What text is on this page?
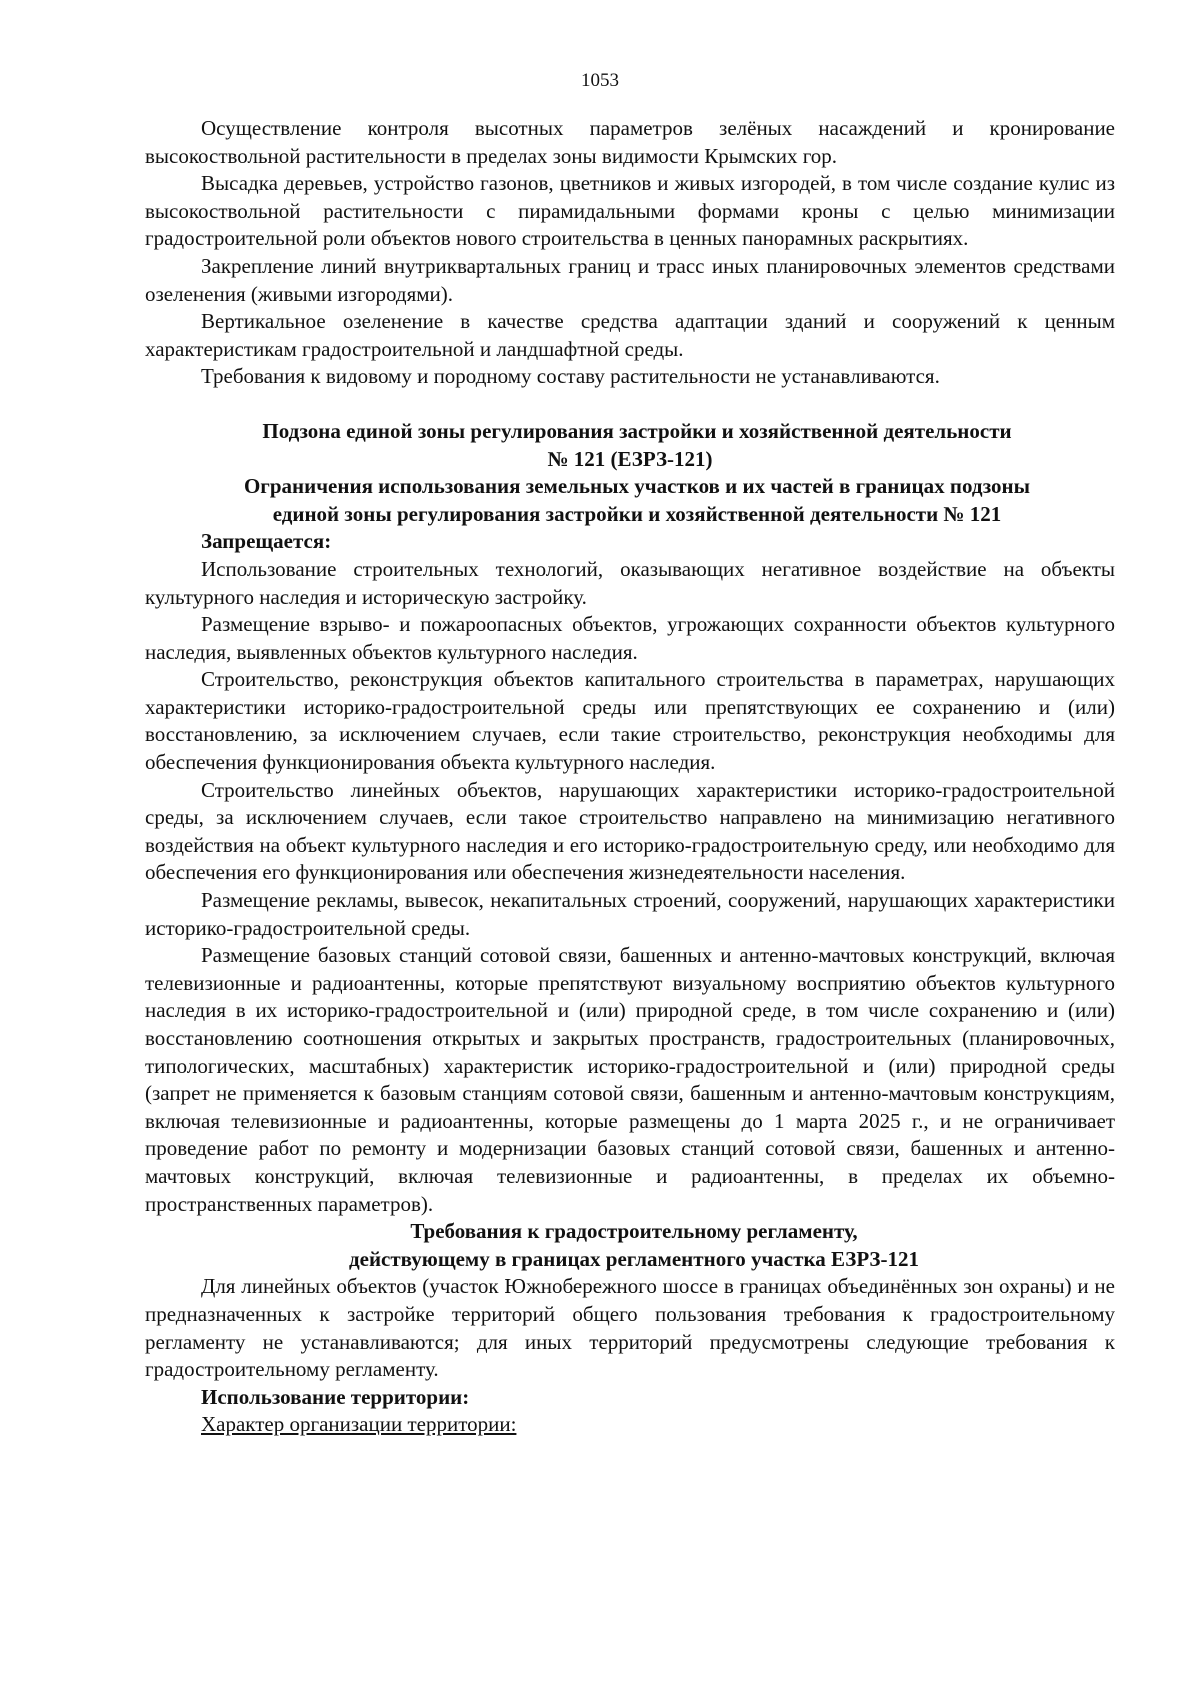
1053

Осуществление контроля высотных параметров зелёных насаждений и кронирование высокоствольной растительности в пределах зоны видимости Крымских гор.

Высадка деревьев, устройство газонов, цветников и живых изгородей, в том числе создание кулис из высокоствольной растительности с пирамидальными формами кроны с целью минимизации градостроительной роли объектов нового строительства в ценных панорамных раскрытиях.

Закрепление линий внутриквартальных границ и трасс иных планировочных элементов средствами озеленения (живыми изгородями).

Вертикальное озеленение в качестве средства адаптации зданий и сооружений к ценным характеристикам градостроительной и ландшафтной среды.

Требования к видовому и породному составу растительности не устанавливаются.

Подзона единой зоны регулирования застройки и хозяйственной деятельности
№ 121 (ЕЗРЗ-121)
Ограничения использования земельных участков и их частей в границах подзоны
единой зоны регулирования застройки и хозяйственной деятельности № 121
Запрещается:

Использование строительных технологий, оказывающих негативное воздействие на объекты культурного наследия и историческую застройку.

Размещение взрыво- и пожароопасных объектов, угрожающих сохранности объектов культурного наследия, выявленных объектов культурного наследия.

Строительство, реконструкция объектов капитального строительства в параметрах, нарушающих характеристики историко-градостроительной среды или препятствующих ее сохранению и (или) восстановлению, за исключением случаев, если такие строительство, реконструкция необходимы для обеспечения функционирования объекта культурного наследия.

Строительство линейных объектов, нарушающих характеристики историко-градостроительной среды, за исключением случаев, если такое строительство направлено на минимизацию негативного воздействия на объект культурного наследия и его историко-градостроительную среду, или необходимо для обеспечения его функционирования или обеспечения жизнедеятельности населения.

Размещение рекламы, вывесок, некапитальных строений, сооружений, нарушающих характеристики историко-градостроительной среды.

Размещение базовых станций сотовой связи, башенных и антенно-мачтовых конструкций, включая телевизионные и радиоантенны, которые препятствуют визуальному восприятию объектов культурного наследия в их историко-градостроительной и (или) природной среде, в том числе сохранению и (или) восстановлению соотношения открытых и закрытых пространств, градостроительных (планировочных, типологических, масштабных) характеристик историко-градостроительной и (или) природной среды (запрет не применяется к базовым станциям сотовой связи, башенным и антенно-мачтовым конструкциям, включая телевизионные и радиоантенны, которые размещены до 1 марта 2025 г., и не ограничивает проведение работ по ремонту и модернизации базовых станций сотовой связи, башенных и антенно-мачтовых конструкций, включая телевизионные и радиоантенны, в пределах их объемно-пространственных параметров).

Требования к градостроительному регламенту,
действующему в границах регламентного участка ЕЗРЗ-121

Для линейных объектов (участок Южнобережного шоссе в границах объединённых зон охраны) и не предназначенных к застройке территорий общего пользования требования к градостроительному регламенту не устанавливаются; для иных территорий предусмотрены следующие требования к градостроительному регламенту.

Использование территории:
Характер организации территории:
